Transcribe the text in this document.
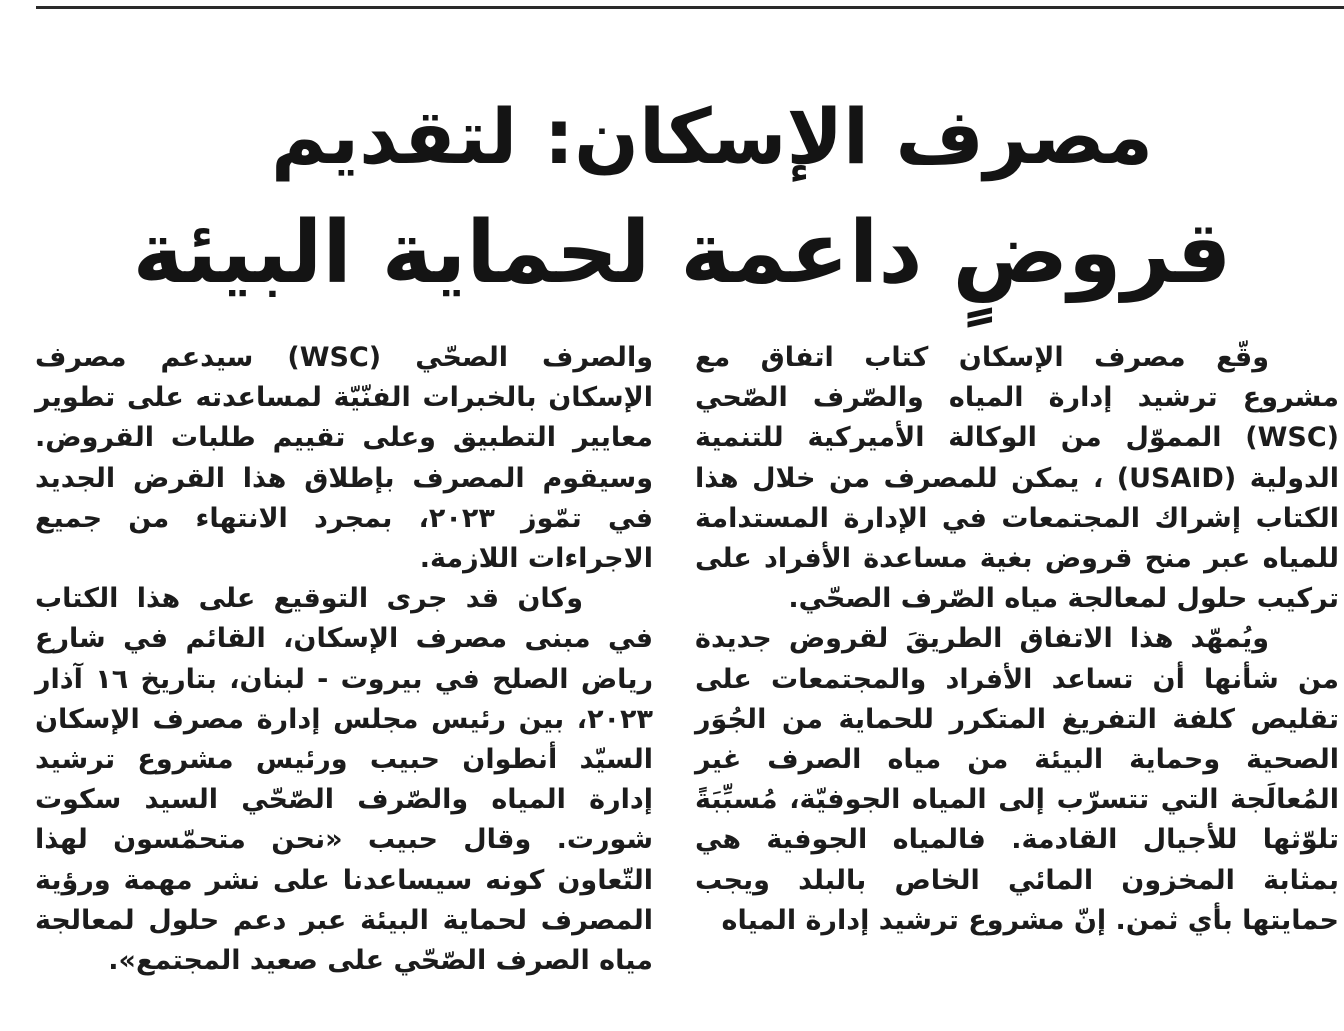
مصرف الإسكان: لتقديم
قروضٍ داعمة لحماية البيئة

وقّع مصرف الإسكان كتاب اتفاق مع مشروع ترشيد إدارة المياه والصّرف الصّحي (WSC) المموّل من الوكالة الأميركية للتنمية الدولية (USAID) ، يمكن للمصرف من خلال هذا الكتاب إشراك المجتمعات في الإدارة المستدامة للمياه عبر منح قروض بغية مساعدة الأفراد على تركيب حلول لمعالجة مياه الصّرف الصحّي.

ويُمهّد هذا الاتفاق الطريقَ لقروض جديدة من شأنها أن تساعد الأفراد والمجتمعات على تقليص كلفة التفريغ المتكرر للحماية من الجُوَر الصحية وحماية البيئة من مياه الصرف غير المُعالَجة التي تتسرّب إلى المياه الجوفيّة، مُسبِّبَةً تلوّثها للأجيال القادمة. فالمياه الجوفية هي بمثابة المخزون المائي الخاص بالبلد ويجب حمايتها بأي ثمن. إنّ مشروع ترشيد إدارة المياه

والصرف الصحّي (WSC) سيدعم مصرف الإسكان بالخبرات الفنّيّة لمساعدته على تطوير معايير التطبيق وعلى تقييم طلبات القروض. وسيقوم المصرف بإطلاق هذا القرض الجديد في تمّوز ٢٠٢٣، بمجرد الانتهاء من جميع الاجراءات اللازمة.

وكان قد جرى التوقيع على هذا الكتاب في مبنى مصرف الإسكان، القائم في شارع رياض الصلح في بيروت - لبنان، بتاريخ ١٦ آذار ٢٠٢٣، بين رئيس مجلس إدارة مصرف الإسكان السيّد أنطوان حبيب ورئيس مشروع ترشيد إدارة المياه والصّرف الصّحّي السيد سكوت شورت. وقال حبيب «نحن متحمّسون لهذا التّعاون كونه سيساعدنا على نشر مهمة ورؤية المصرف لحماية البيئة عبر دعم حلول لمعالجة مياه الصرف الصّحّي على صعيد المجتمع».
